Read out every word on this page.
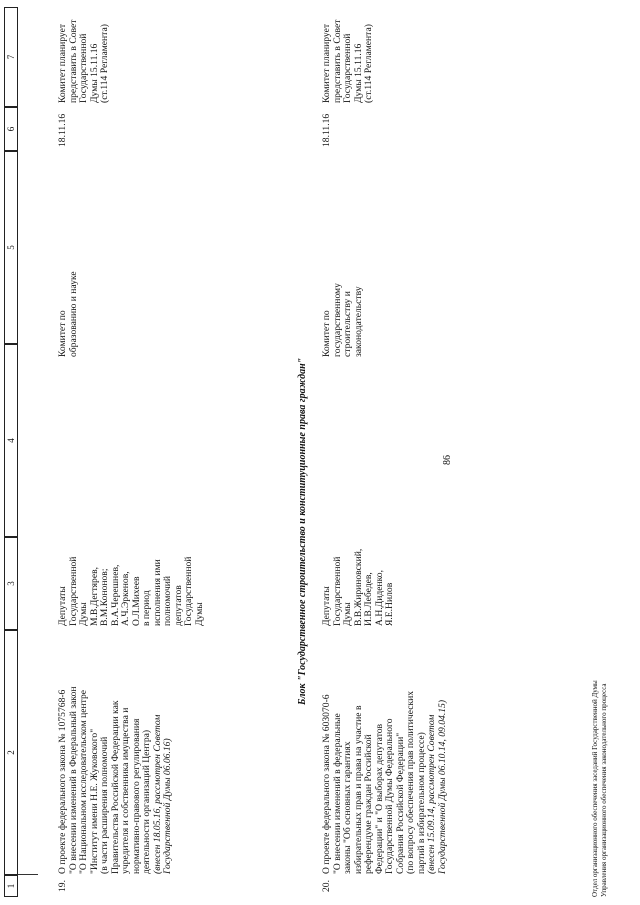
86
1
2
3
4
5
6
7
19.
О проекте федерального закона № 1075768-6 "О внесении изменений в Федеральный закон "О Национальном исследовательском центре "Институт имени Н.Е. Жуковского" (в части расширения полномочий Правительства Российской Федерации как учредителя и собственника имущества и нормативно-правового регулирования деятельности организаций Центра) (внесен 18.05.16, рассмотрен Советом Государственной Думы 06.06.16)
Депутаты Государственной Думы М.В.Дегтярев, В.М.Кононов; В.А.Черешнев, А.Ч.Эркенов, О.Л.Михеев в период исполнения ими полномочий депутатов Государственной Думы
Комитет по образованию и науке
18.11.16
Комитет планирует представить в Совет Государственной Думы 15.11.16 (ст.114 Регламента)
Блок "Государственное строительство и конституционные права граждан"
20.
О проекте федерального закона № 603070-6 "О внесении изменений в федеральные законы "Об основных гарантиях избирательных прав и права на участие в референдуме граждан Российской Федерации" и "О выборах депутатов Государственной Думы Федерального Собрания Российской Федерации" (по вопросу обеспечения прав политических партий в избирательном процессе) (внесен 15.09.14, рассмотрен Советом Государственной Думы 06.10.14, 09.04.15)
Депутаты Государственной Думы В.В.Жириновский, И.В.Лебедев, А.Н.Диденко, Я.Е.Нилов
Комитет по государственному строительству и законодательству
18.11.16
Комитет планирует представить в Совет Государственной Думы 15.11.16 (ст.114 Регламента)
Отдел организационного обеспечения заседаний Государственной Думы Управления организационного обеспечения законодательного процесса
